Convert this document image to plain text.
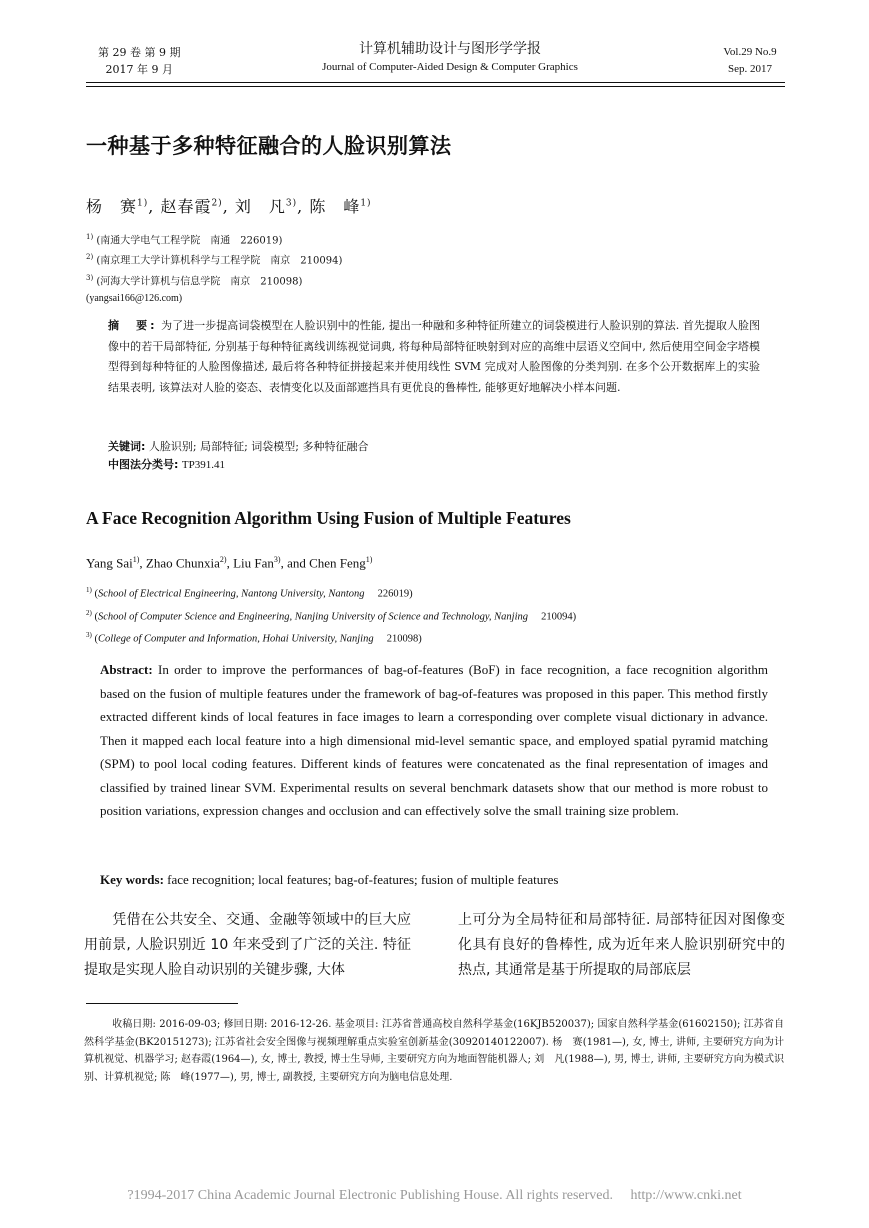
第 29 卷 第 9 期
2017 年 9 月
计算机辅助设计与图形学学报
Journal of Computer-Aided Design & Computer Graphics
Vol.29 No.9
Sep. 2017
一种基于多种特征融合的人脸识别算法
杨　赛$^{1)}$, 赵春霞$^{2)}$, 刘　凡$^{3)}$, 陈　峰$^{1)}$
$^{1)}$ (南通大学电气工程学院　南通　226019)
$^{2)}$ (南京理工大学计算机科学与工程学院　南京　210094)
$^{3)}$ (河海大学计算机与信息学院　南京　210098)
(yangsai166@126.com)
摘　要: 为了进一步提高词袋模型在人脸识别中的性能, 提出一种融和多种特征所建立的词袋模进行人脸识别的算法. 首先提取人脸图像中的若干局部特征, 分别基于每种特征离线训练视觉词典, 将每种局部特征映射到对应的高维中层语义空间中, 然后使用空间金字塔模型得到每种特征的人脸图像描述, 最后将各种特征拼接起来并使用线性 SVM 完成对人脸图像的分类判别. 在多个公开数据库上的实验结果表明, 该算法对人脸的姿态、表情变化以及面部遮挡具有更优良的鲁棒性, 能够更好地解决小样本问题.
关键词: 人脸识别; 局部特征; 词袋模型; 多种特征融合
中图法分类号: TP391.41
A Face Recognition Algorithm Using Fusion of Multiple Features
Yang Sai$^{1)}$, Zhao Chunxia$^{2)}$, Liu Fan$^{3)}$, and Chen Feng$^{1)}$
$^{1)}$ (School of Electrical Engineering, Nantong University, Nantong　 226019)
$^{2)}$ (School of Computer Science and Engineering, Nanjing University of Science and Technology, Nanjing　 210094)
$^{3)}$ (College of Computer and Information, Hohai University, Nanjing　 210098)
Abstract: In order to improve the performances of bag-of-features (BoF) in face recognition, a face recognition algorithm based on the fusion of multiple features under the framework of bag-of-features was proposed in this paper. This method firstly extracted different kinds of local features in face images to learn a corresponding over complete visual dictionary in advance. Then it mapped each local feature into a high dimensional mid-level semantic space, and employed spatial pyramid matching (SPM) to pool local coding features. Different kinds of features were concatenated as the final representation of images and classified by trained linear SVM. Experimental results on several benchmark datasets show that our method is more robust to position variations, expression changes and occlusion and can effectively solve the small training size problem.
Key words: face recognition; local features; bag-of-features; fusion of multiple features
凭借在公共安全、交通、金融等领域中的巨大应用前景, 人脸识别近 10 年来受到了广泛的关注. 特征提取是实现人脸自动识别的关键步骤, 大体
上可分为全局特征和局部特征. 局部特征因对图像变化具有良好的鲁棒性, 成为近年来人脸识别研究中的热点, 其通常是基于所提取的局部底层
收稿日期: 2016-09-03; 修回日期: 2016-12-26. 基金项目: 江苏省普通高校自然科学基金(16KJB520037); 国家自然科学基金(61602150); 江苏省自然科学基金(BK20151273); 江苏省社会安全图像与视频理解重点实验室创新基金(30920140122007). 杨　赛(1981—), 女, 博士, 讲师, 主要研究方向为计算机视觉、机器学习; 赵春霞(1964—), 女, 博士, 教授, 博士生导师, 主要研究方向为地面智能机器人; 刘　凡(1988—), 男, 博士, 讲师, 主要研究方向为模式识别、计算机视觉; 陈　峰(1977—), 男, 博士, 副教授, 主要研究方向为脑电信息处理.
?1994-2017 China Academic Journal Electronic Publishing House. All rights reserved.　 http://www.cnki.net
